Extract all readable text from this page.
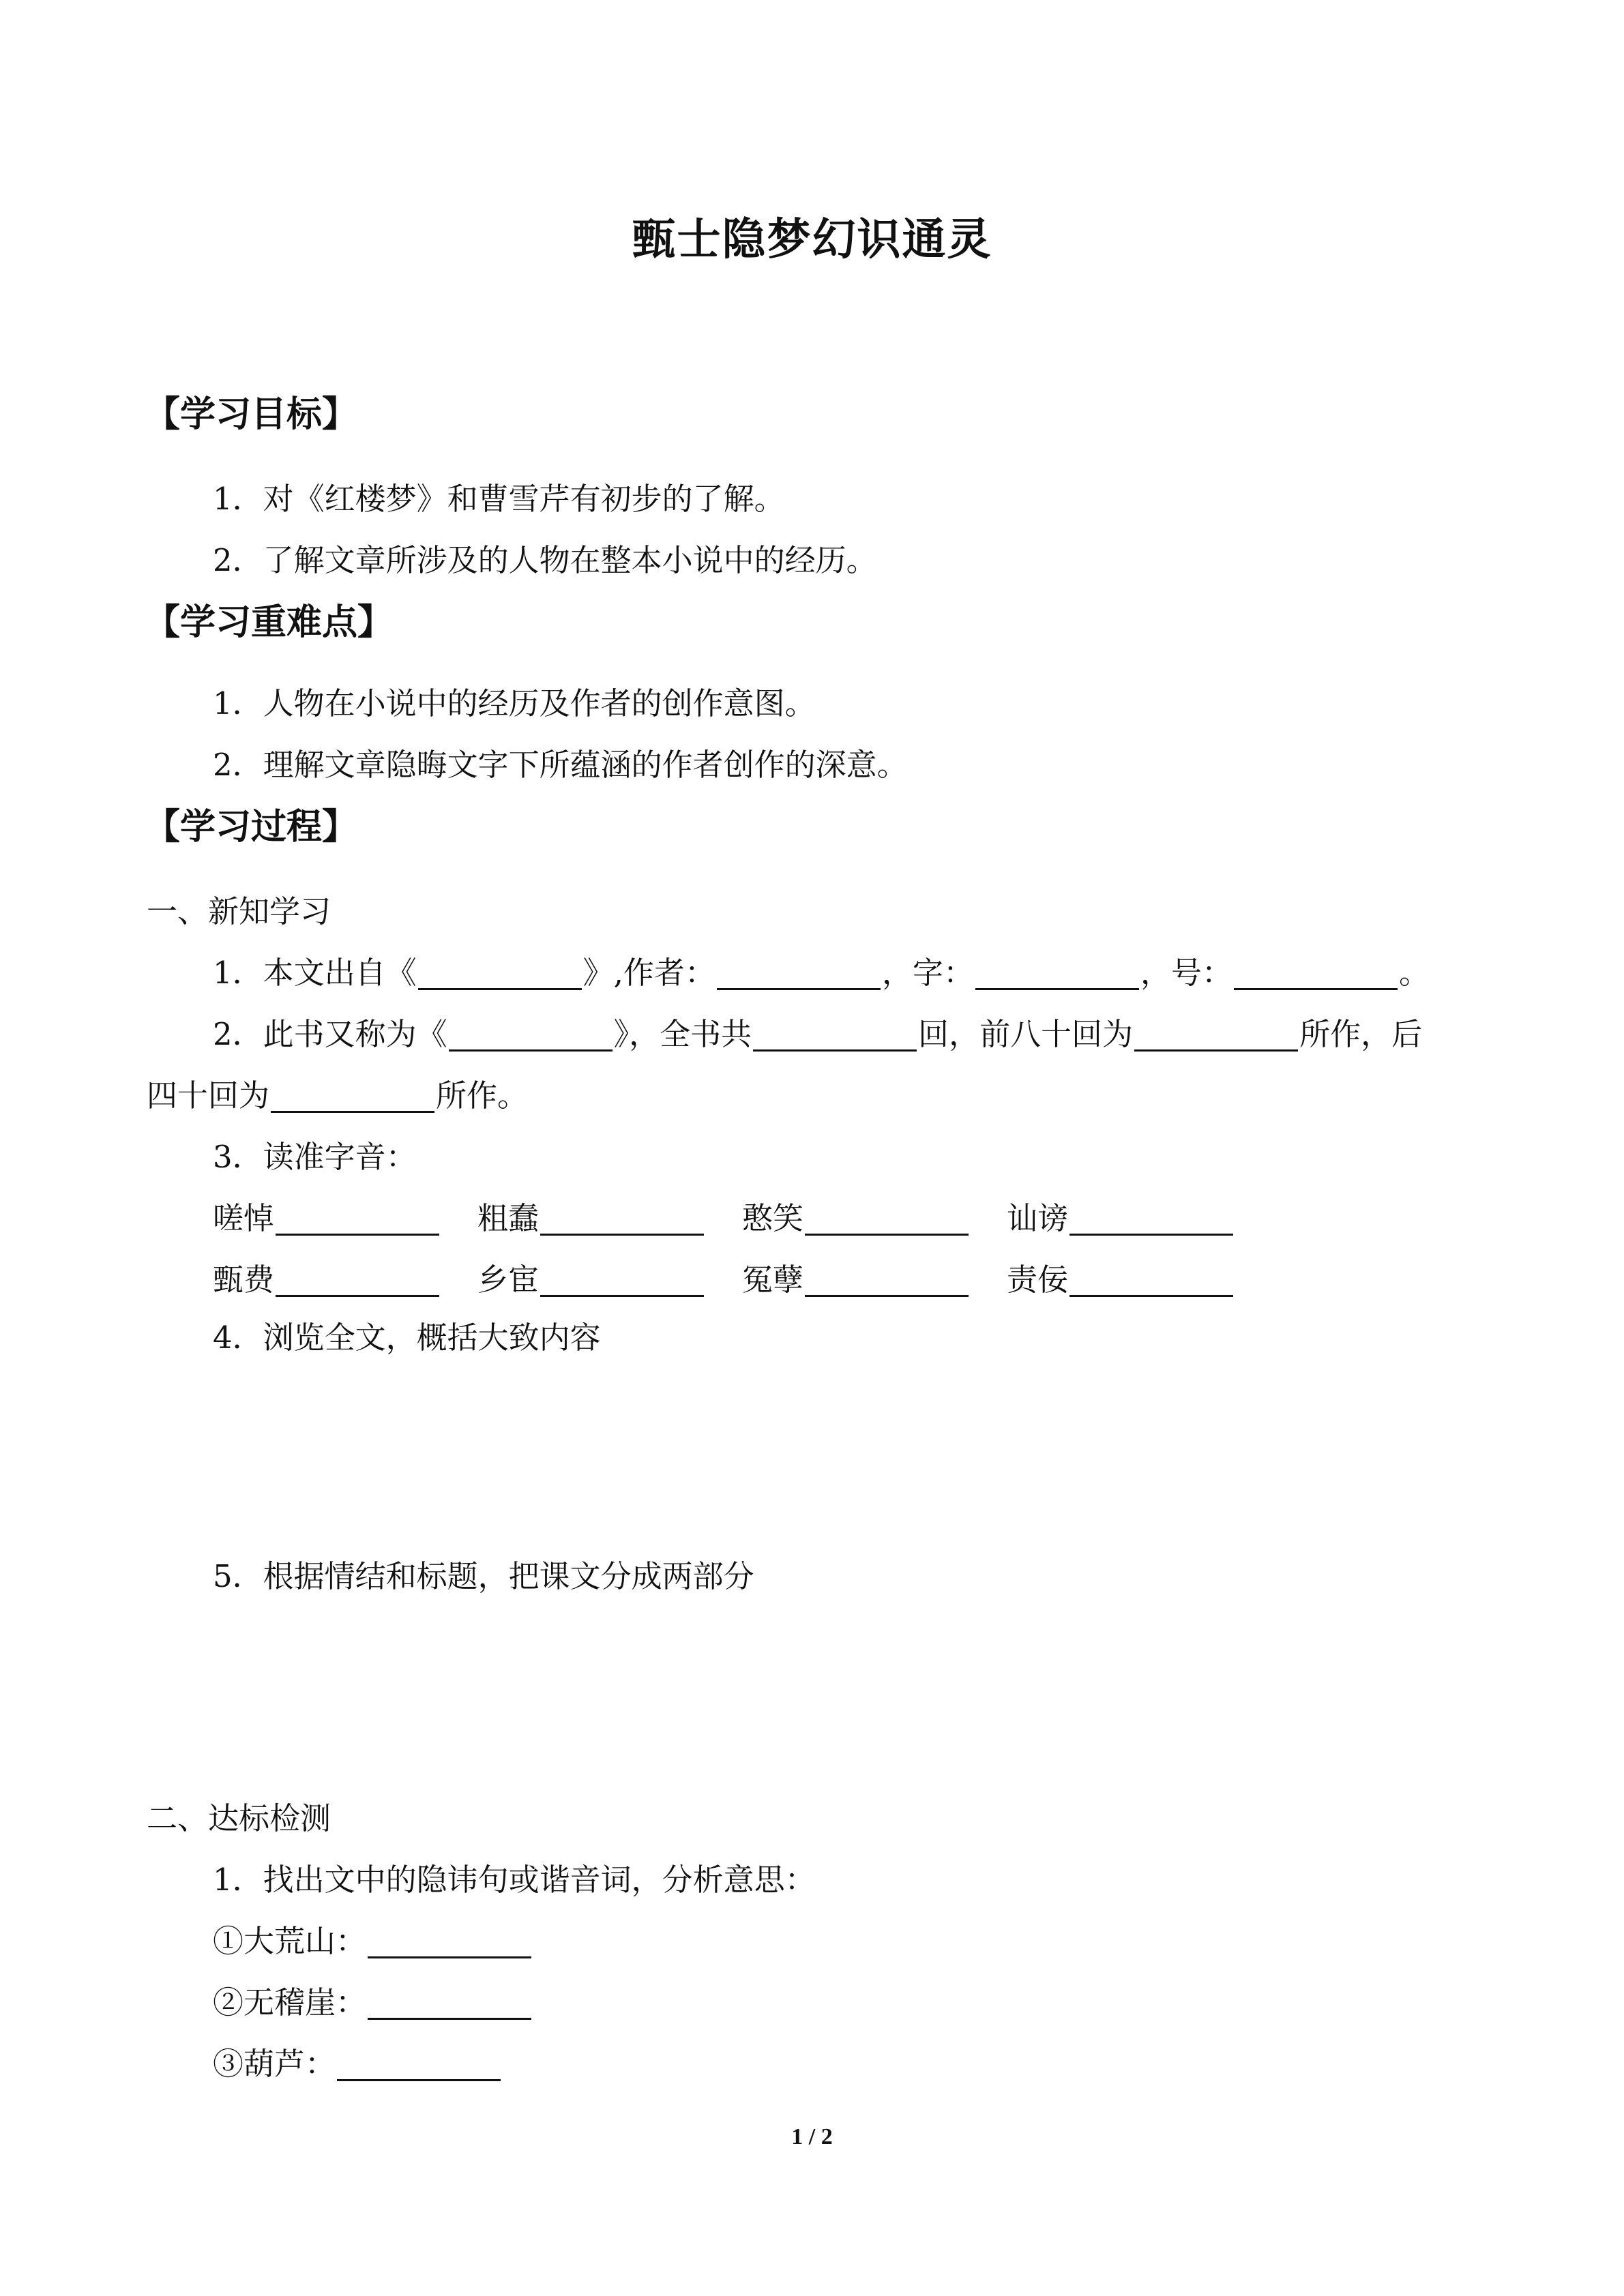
甄士隐梦幻识通灵
【学习目标】
1．对《红楼梦》和曹雪芹有初步的了解。
2．了解文章所涉及的人物在整本小说中的经历。
【学习重难点】
1．人物在小说中的经历及作者的创作意图。
2．理解文章隐晦文字下所蕴涵的作者创作的深意。
【学习过程】
一、新知学习
1．本文出自《	》,作者：	，字：	，号：	。
2．此书又称为《	》，全书共	回，前八十回为	所作，后
四十回为	所作。
3．读准字音：
嗟悼	粗蠢	憨笑	讪谤
甄费	乡宦	冤孽	责佞
4．浏览全文，概括大致内容
5．根据情结和标题，把课文分成两部分
二、达标检测
1．找出文中的隐讳句或谐音词，分析意思：
①大荒山：
②无稽崖：
③葫芦：
1 / 2
